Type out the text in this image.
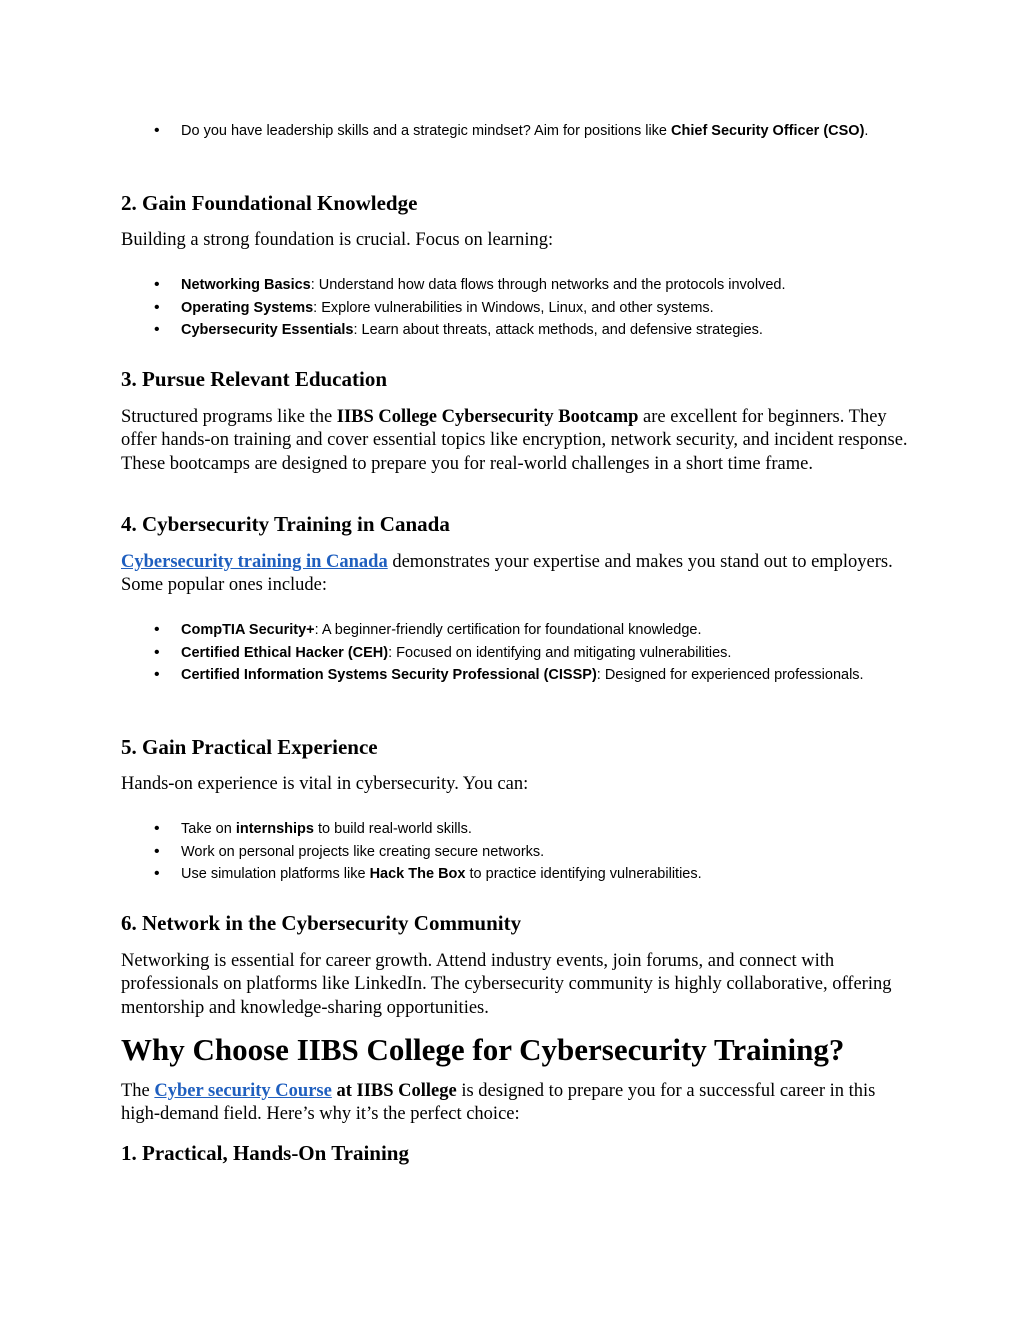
• Do you have leadership skills and a strategic mindset? Aim for positions like Chief Security Officer (CSO).
2. Gain Foundational Knowledge

Building a strong foundation is crucial. Focus on learning:

• Networking Basics: Understand how data flows through networks and the protocols involved.
• Operating Systems: Explore vulnerabilities in Windows, Linux, and other systems.
• Cybersecurity Essentials: Learn about threats, attack methods, and defensive strategies.
3. Pursue Relevant Education

Structured programs like the IIBS College Cybersecurity Bootcamp are excellent for beginners. They offer hands-on training and cover essential topics like encryption, network security, and incident response. These bootcamps are designed to prepare you for real-world challenges in a short time frame.

4. Cybersecurity Training in Canada

Cybersecurity training in Canada demonstrates your expertise and makes you stand out to employers. Some popular ones include:

• CompTIA Security+: A beginner-friendly certification for foundational knowledge.
• Certified Ethical Hacker (CEH): Focused on identifying and mitigating vulnerabilities.
• Certified Information Systems Security Professional (CISSP): Designed for experienced professionals.
5. Gain Practical Experience

Hands-on experience is vital in cybersecurity. You can:

• Take on internships to build real-world skills.
• Work on personal projects like creating secure networks.
• Use simulation platforms like Hack The Box to practice identifying vulnerabilities.
6. Network in the Cybersecurity Community

Networking is essential for career growth. Attend industry events, join forums, and connect with professionals on platforms like LinkedIn. The cybersecurity community is highly collaborative, offering mentorship and knowledge-sharing opportunities.

Why Choose IIBS College for Cybersecurity Training?

The Cyber security Course at IIBS College is designed to prepare you for a successful career in this high-demand field. Here’s why it’s the perfect choice:

1. Practical, Hands-On Training
